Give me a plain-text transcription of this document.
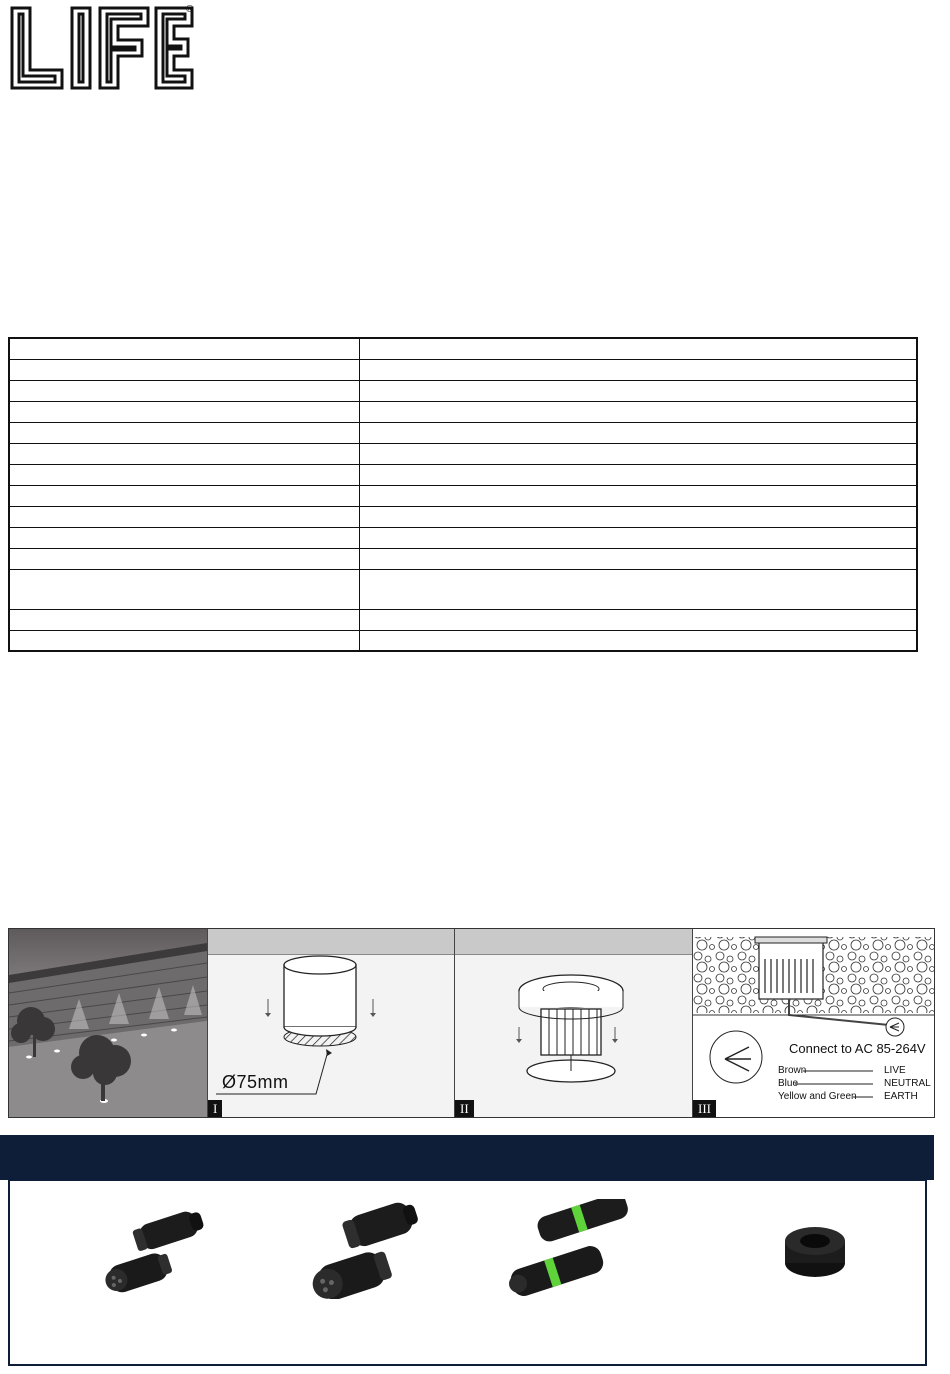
®

Ø75mm
I	II
Connect to AC 85-264V
Brown	LIVE
Blue	NEUTRAL
Yellow and Green	EARTH
III
